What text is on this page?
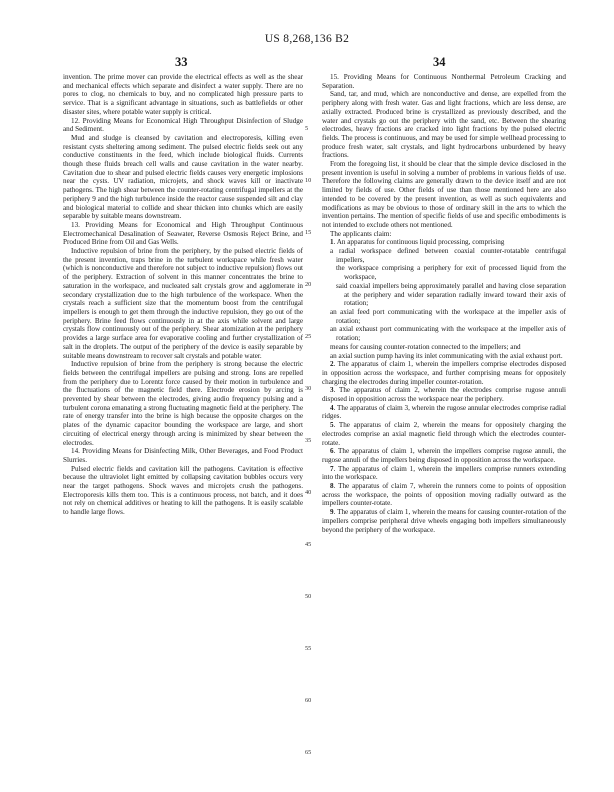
US 8,268,136 B2
33	34

invention. The prime mover can provide the electrical effects as well as the shear and mechanical effects which separate and disinfect a water supply. There are no pores to clog, no chemicals to buy, and no complicated high pressure parts to service. That is a significant advantage in situations, such as battlefields or other disaster sites, where potable water supply is critical.

12. Providing Means for Economical High Throughput Disinfection of Sludge and Sediment.

Mud and sludge is cleansed by cavitation and electroporesis, killing even resistant cysts sheltering among sediment. The pulsed electric fields seek out any conductive constituents in the feed, which include biological fluids. Currents though these fluids breach cell walls and cause cavitation in the water nearby. Cavitation due to shear and pulsed electric fields causes very energetic implosions near the cysts. UV radiation, microjets, and shock waves kill or inactivate pathogens. The high shear between the counter-rotating centrifugal impellers at the periphery 9 and the high turbulence inside the reactor cause suspended silt and clay and biological material to collide and shear thicken into chunks which are easily separable by suitable means downstream.

13. Providing Means for Economical and High Throughput Continuous Electromechanical Desalination of Seawater, Reverse Osmosis Reject Brine, and Produced Brine from Oil and Gas Wells.

Inductive repulsion of brine from the periphery, by the pulsed electric fields of the present invention, traps brine in the turbulent workspace while fresh water (which is nonconductive and therefore not subject to inductive repulsion) flows out of the periphery. Extraction of solvent in this manner concentrates the brine to saturation in the workspace, and nucleated salt crystals grow and agglomerate in secondary crystallization due to the high turbulence of the workspace. When the crystals reach a sufficient size that the momentum boost from the centrifugal impellers is enough to get them through the inductive repulsion, they go out of the periphery. Brine feed flows continuously in at the axis while solvent and large crystals flow continuously out of the periphery. Shear atomization at the periphery provides a large surface area for evaporative cooling and further crystallization of salt in the droplets. The output of the periphery of the device is easily separable by suitable means downstream to recover salt crystals and potable water.

Inductive repulsion of brine from the periphery is strong because the electric fields between the centrifugal impellers are pulsing and strong. Ions are repelled from the periphery due to Lorentz force caused by their motion in turbulence and the fluctuations of the magnetic field there. Electrode erosion by arcing is prevented by shear between the electrodes, giving audio frequency pulsing and a turbulent corona emanating a strong fluctuating magnetic field at the periphery. The rate of energy transfer into the brine is high because the opposite charges on the plates of the dynamic capacitor bounding the workspace are large, and short circuiting of electrical energy through arcing is minimized by shear between the electrodes.

14. Providing Means for Disinfecting Milk, Other Beverages, and Food Product Slurries.

Pulsed electric fields and cavitation kill the pathogens. Cavitation is effective because the ultraviolet light emitted by collapsing cavitation bubbles occurs very near the target pathogens. Shock waves and microjets crush the pathogens. Electroporesis kills them too. This is a continuous process, not batch, and it does not rely on chemical additives or heating to kill the pathogens. It is easily scalable to handle large flows.

5
10
15
20
25
30
35
40
45
50
55
60
65

15. Providing Means for Continuous Nonthermal Petroleum Cracking and Separation.

Sand, tar, and mud, which are nonconductive and dense, are expelled from the periphery along with fresh water. Gas and light fractions, which are less dense, are axially extracted. Produced brine is crystallized as previously described, and the water and crystals go out the periphery with the sand, etc. Between the shearing electrodes, heavy fractions are cracked into light fractions by the pulsed electric fields. The process is continuous, and may be used for simple wellhead processing to produce fresh water, salt crystals, and light hydrocarbons unburdened by heavy fractions.

From the foregoing list, it should be clear that the simple device disclosed in the present invention is useful in solving a number of problems in various fields of use. Therefore the following claims are generally drawn to the device itself and are not limited by fields of use. Other fields of use than those mentioned here are also intended to be covered by the present invention, as well as such equivalents and modifications as may be obvious to those of ordinary skill in the arts to which the invention pertains. The mention of specific fields of use and specific embodiments is not intended to exclude others not mentioned.

The applicants claim:

1. An apparatus for continuous liquid processing, comprising

a radial workspace defined between coaxial counter-rotatable centrifugal impellers,

the workspace comprising a periphery for exit of processed liquid from the workspace,

said coaxial impellers being approximately parallel and having close separation at the periphery and wider separation radially inward toward their axis of rotation;

an axial feed port communicating with the workspace at the impeller axis of rotation;

an axial exhaust port communicating with the workspace at the impeller axis of rotation;

means for causing counter-rotation connected to the impellers; and

an axial suction pump having its inlet communicating with the axial exhaust port.

2. The apparatus of claim 1, wherein the impellers comprise electrodes disposed in opposition across the workspace, and further comprising means for oppositely charging the electrodes during impeller counter-rotation.

3. The apparatus of claim 2, wherein the electrodes comprise rugose annuli disposed in opposition across the workspace near the periphery.

4. The apparatus of claim 3, wherein the rugose annular electrodes comprise radial ridges.

5. The apparatus of claim 2, wherein the means for oppositely charging the electrodes comprise an axial magnetic field through which the electrodes counter-rotate.

6. The apparatus of claim 1, wherein the impellers comprise rugose annuli, the rugose annuli of the impellers being disposed in opposition across the workspace.

7. The apparatus of claim 1, wherein the impellers comprise runners extending into the workspace.

8. The apparatus of claim 7, wherein the runners come to points of opposition across the workspace, the points of opposition moving radially outward as the impellers counter-rotate.

9. The apparatus of claim 1, wherein the means for causing counter-rotation of the impellers comprise peripheral drive wheels engaging both impellers simultaneously beyond the periphery of the workspace.
